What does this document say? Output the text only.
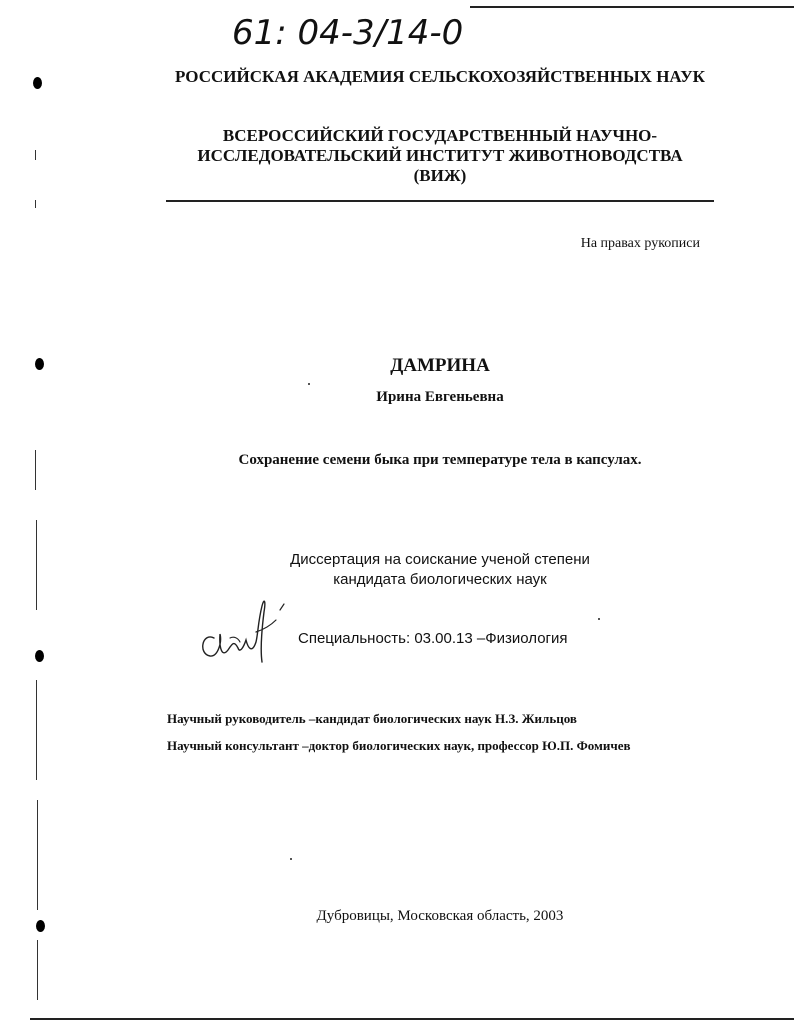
61: 04-3/14-0
РОССИЙСКАЯ АКАДЕМИЯ СЕЛЬСКОХОЗЯЙСТВЕННЫХ НАУК
ВСЕРОССИЙСКИЙ ГОСУДАРСТВЕННЫЙ НАУЧНО-
ИССЛЕДОВАТЕЛЬСКИЙ ИНСТИТУТ ЖИВОТНОВОДСТВА
(ВИЖ)
На правах рукописи
ДАМРИНА
Ирина Евгеньевна
Сохранение семени быка при температуре тела в капсулах.
Диссертация на соискание ученой степени
кандидата биологических наук
Специальность: 03.00.13 –Физиология
Научный руководитель –кандидат биологических наук Н.З. Жильцов
Научный консультант –доктор биологических наук, профессор Ю.П. Фомичев
Дубровицы, Московская область, 2003
